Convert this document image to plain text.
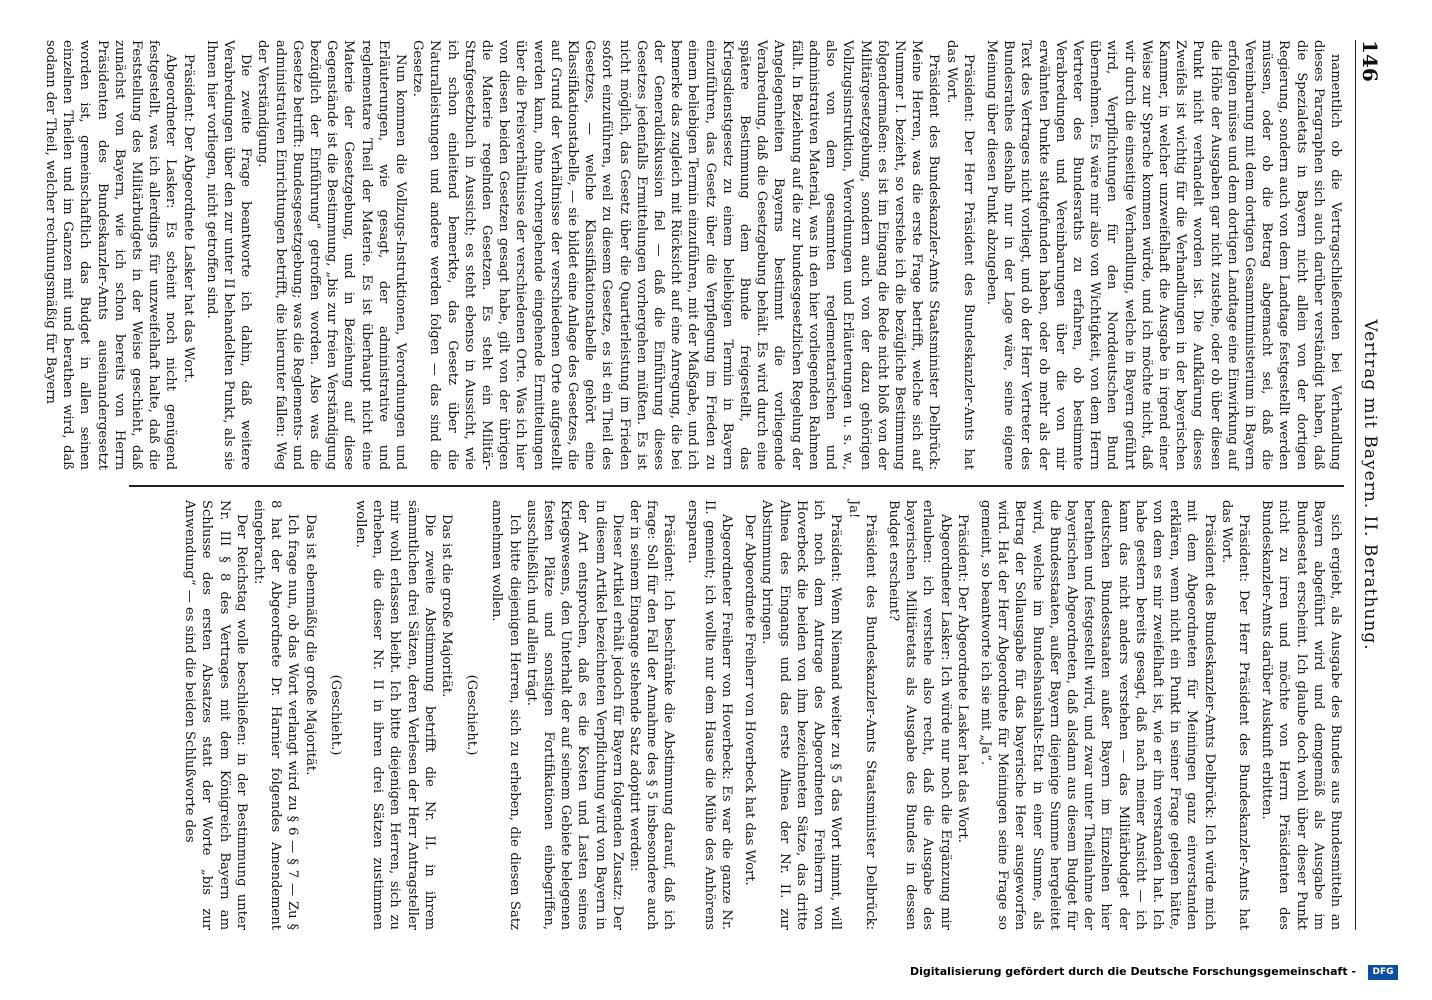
146
Vertrag mit Bayern. II. Berathung.

namentlich ob die Vertragschließenden bei Verhandlung dieses Paragraphen sich auch darüber verständigt haben, daß die Spezialetats in Bayern nicht allein von der dortigen Regierung, sondern auch von dem Landtage festgestellt werden müssen, oder ob die Betrag abgemacht sei, daß die Vereinbarung mit dem dortigen Gesammtministerium in Bayern erfolgen müsse und dem dortigen Landtage eine Einwirkung auf die Höhe der Ausgaben gar nicht zustehe, oder ob über diesen Punkt nicht verhandelt worden ist. Die Aufklärung dieses Zweifels ist wichtig für die Verhandlungen in der bayerischen Kammer, in welcher unzweifelhaft die Ausgabe in irgend einer Weise zur Sprache kommen würde, und ich möchte nicht, daß wir durch die einseitige Verhandlung, welche in Bayern geführt wird, Verpflichtungen für den Norddeutschen Bund übernehmen. Es wäre mir also von Wichtigkeit, von dem Herrn Vertreter des Bundesraths zu erfahren, ob bestimmte Verabredungen und Vereinbarungen über die von mir erwähnten Punkte stattgefunden haben, oder ob mehr als der Text des Vertrages nicht vorliegt, und ob der Herr Vertreter des Bundesrathes deshalb nur in der Lage wäre, seine eigene Meinung über diesen Punkt abzugeben.

Präsident: Der Herr Präsident des Bundeskanzler-Amts hat das Wort.

Präsident des Bundeskanzler-Amts Staatsminister Delbrück: Meine Herren, was die erste Frage betrifft, welche sich auf Nummer I. bezieht, so verstehe ich die bezügliche Bestimmung folgendermaßen: es ist im Eingang die Rede nicht bloß von der Militärgesetzgebung, sondern auch von der dazu gehörigen Vollzugsinstruktion, Verordnungen und Erläuterungen u. s. w., also von dem gesammten reglementarischen und administrativen Material, was in den hier vorliegenden Rahmen fällt. In Beziehung auf die zur bundesgesetzlichen Regelung der Angelegenheiten Bayerns bestimmt die vorliegende Verabredung, daß die Gesetzgebung behält. Es wird durch eine spätere Bestimmung dem Bunde freigestellt, das Kriegsdienstgesetz zu einem beliebigen Termin in Bayern einzuführen, das Gesetz über die Verpflegung im Frieden zu einem beliebigen Termin einzuführen, mit der Maßgabe, und ich bemerke das zugleich mit Rücksicht auf eine Anregung, die bei der Generaldiskussion fiel — daß die Einführung dieses Gesetzes jedenfalls Ermittelungen vorhergehen müßten. Es ist nicht möglich, das Gesetz über die Quartierleistung im Frieden sofort einzuführen, weil zu diesem Gesetze, es ist ein Theil des Gesetzes, — welche Klassifikationstabelle gehört eine Klassifikationstabelle, — sie bildet eine Anlage des Gesetzes, die auf Grund der Verhältnisse der verschiedenen Orte aufgestellt werden kann, ohne vorhergehende eingehende Ermittelungen über die Preisverhältnisse der verschiedenen Orte. Was ich hier von diesen beiden Gesetzen gesagt habe, gilt von der übrigen die Materie regelnden Gesetzen. Es steht ein Militär-Strafgesetzbuch in Aussicht; es steht ebenso in Aussicht, wie ich schon einleitend bemerkte, das Gesetz über die Naturalleistungen und andere werden folgen — das sind die Gesetze.

Nun kommen die Vollzugs-Instruktionen, Verordnungen und Erläuterungen, wie gesagt, der administrative und reglementare Theil der Materie. Es ist überhaupt nicht eine Materie der Gesetzgebung, und in Beziehung auf diese Gegenstände ist die Bestimmung, „bis zur freien Verständigung bezüglich der Einführung“ getroffen worden. Also was die Gesetze betrifft: Bundesgesetzgebung; was die Reglements- und administrativen Einrichtungen betrifft, die hierunter fallen: Weg der Verständigung.

Die zweite Frage beantworte ich dahin, daß weitere Verabredungen über den zur unter II behandelten Punkt, als sie Ihnen hier vorliegen, nicht getroffen sind.

Präsident: Der Abgeordnete Lasker hat das Wort.

Abgeordneter Lasker: Es scheint noch nicht genügend festgestellt, was ich allerdings für unzweifelhaft halte, daß die Feststellung des Militärbudgets in der Weise geschieht, daß zunächst von Bayern, wie ich schon bereits von Herrn Präsidenten des Bundeskanzler-Amts auseinandergesetzt worden ist, gemeinschaftlich das Budget in allen seinen einzelnen Theilen und im Ganzen mit und berathen wird, daß sodann der Theil, welcher rechnungsmäßig für Bayern

sich ergiebt, als Ausgabe des Bundes aus Bundesmitteln an Bayern abgeführt wird und demgemäß als Ausgabe im Bundesetat erscheint. Ich glaube doch wohl über dieser Punkt nicht zu irren und möchte von Herrn Präsidenten des Bundeskanzler-Amts darüber Auskunft erbitten.

Präsident: Der Herr Präsident des Bundeskanzler-Amts hat das Wort.

Präsident des Bundeskanzler-Amts Delbrück: Ich würde mich mit dem Abgeordneten für Meiningen ganz einverstanden erklären, wenn nicht ein Punkt in seiner Frage gelegen hätte, von dem es mir zweifelhaft ist, wie er ihn verstanden hat. Ich habe gestern bereits gesagt, daß nach meiner Ansicht — ich kann das nicht anders verstehen — das Militärbudget der deutschen Bundesstaaten außer Bayern im Einzelnen hier berathen und festgestellt wird, und zwar unter Theilnahme der bayerischen Abgeordneten, daß alsdann aus diesem Budget für die Bundesstaaten, außer Bayern diejenige Summe hergeleitet wird, welche im Bundeshaushalts-Etat in einer Summe, als Betrag der Sollausgabe für das bayerische Heer ausgeworfen wird. Hat der Herr Abgeordnete für Meiningen seine Frage so gemeint, so beantworte ich sie mit „Ja“.

Präsident: Der Abgeordnete Lasker hat das Wort.

Abgeordneter Lasker: Ich würde nur noch die Ergänzung mir erlauben: ich verstehe also recht, daß die Ausgabe des bayerischen Militäretats als Ausgabe des Bundes in dessen Budget erscheint?

Präsident des Bundeskanzler-Amts Staatsminister Delbrück: Ja!

Präsident: Wenn Niemand weiter zu § 5 das Wort nimmt, will ich noch dem Antrage des Abgeordneten Freiherrn von Hoverbeck die beiden von ihm bezeichneten Sätze, das dritte Alinea des Eingangs und das erste Alinea der Nr. II. zur Abstimmung bringen.

Der Abgeordnete Freiherr von Hoverbeck hat das Wort.

Abgeordneter Freiherr von Hoverbeck: Es war die ganze Nr. II. gemeint; ich wollte nur dem Hause die Mühe des Anhörens ersparen.

Präsident: Ich beschränke die Abstimmung darauf, daß ich frage: Soll für den Fall der Annahme des § 5 insbesondere auch der in seinem Eingange stehende Satz adoptirt werden:

Dieser Artikel erhält jedoch für Bayern folgenden Zusatz: Der in diesem Artikel bezeichneten Verpflichtung wird von Bayern in der Art entsprochen, daß es die Kosten und Lasten seines Kriegswesens, den Unterhalt der auf seinem Gebiete belegenen festen Plätze und sonstigen Fortifikationen einbegriffen, ausschließlich und allein trägt.

Ich bitte diejenigen Herren, sich zu erheben, die diesen Satz annehmen wollen.

(Geschieht.)

Das ist die große Majorität.

Die zweite Abstimmung betrifft die Nr. II. in ihrem sämmtlichen drei Sätzen, deren Verlesen der Herr Antragsteller mir wohl erlassen bleibt. Ich bitte diejenigen Herren, sich zu erheben, die dieser Nr. II in ihren drei Sätzen zustimmen wollen.

(Geschieht.)

Das ist ebenmäßig die große Majorität.

Ich frage nun, ob das Wort verlangt wird zu § 6 — § 7 — Zu § 8 hat der Abgeordnete Dr. Harnier folgendes Amendement eingebracht:

Der Reichstag wolle beschließen: in der Bestimmung unter Nr. III § 8 des Vertrages mit dem Königreich Bayern am Schlusse des ersten Absatzes statt der Worte „bis zur Anwendung“ — es sind die beiden Schlußworte des

Digitalisierung gefördert durch die Deutsche Forschungsgemeinschaft -	DFG
